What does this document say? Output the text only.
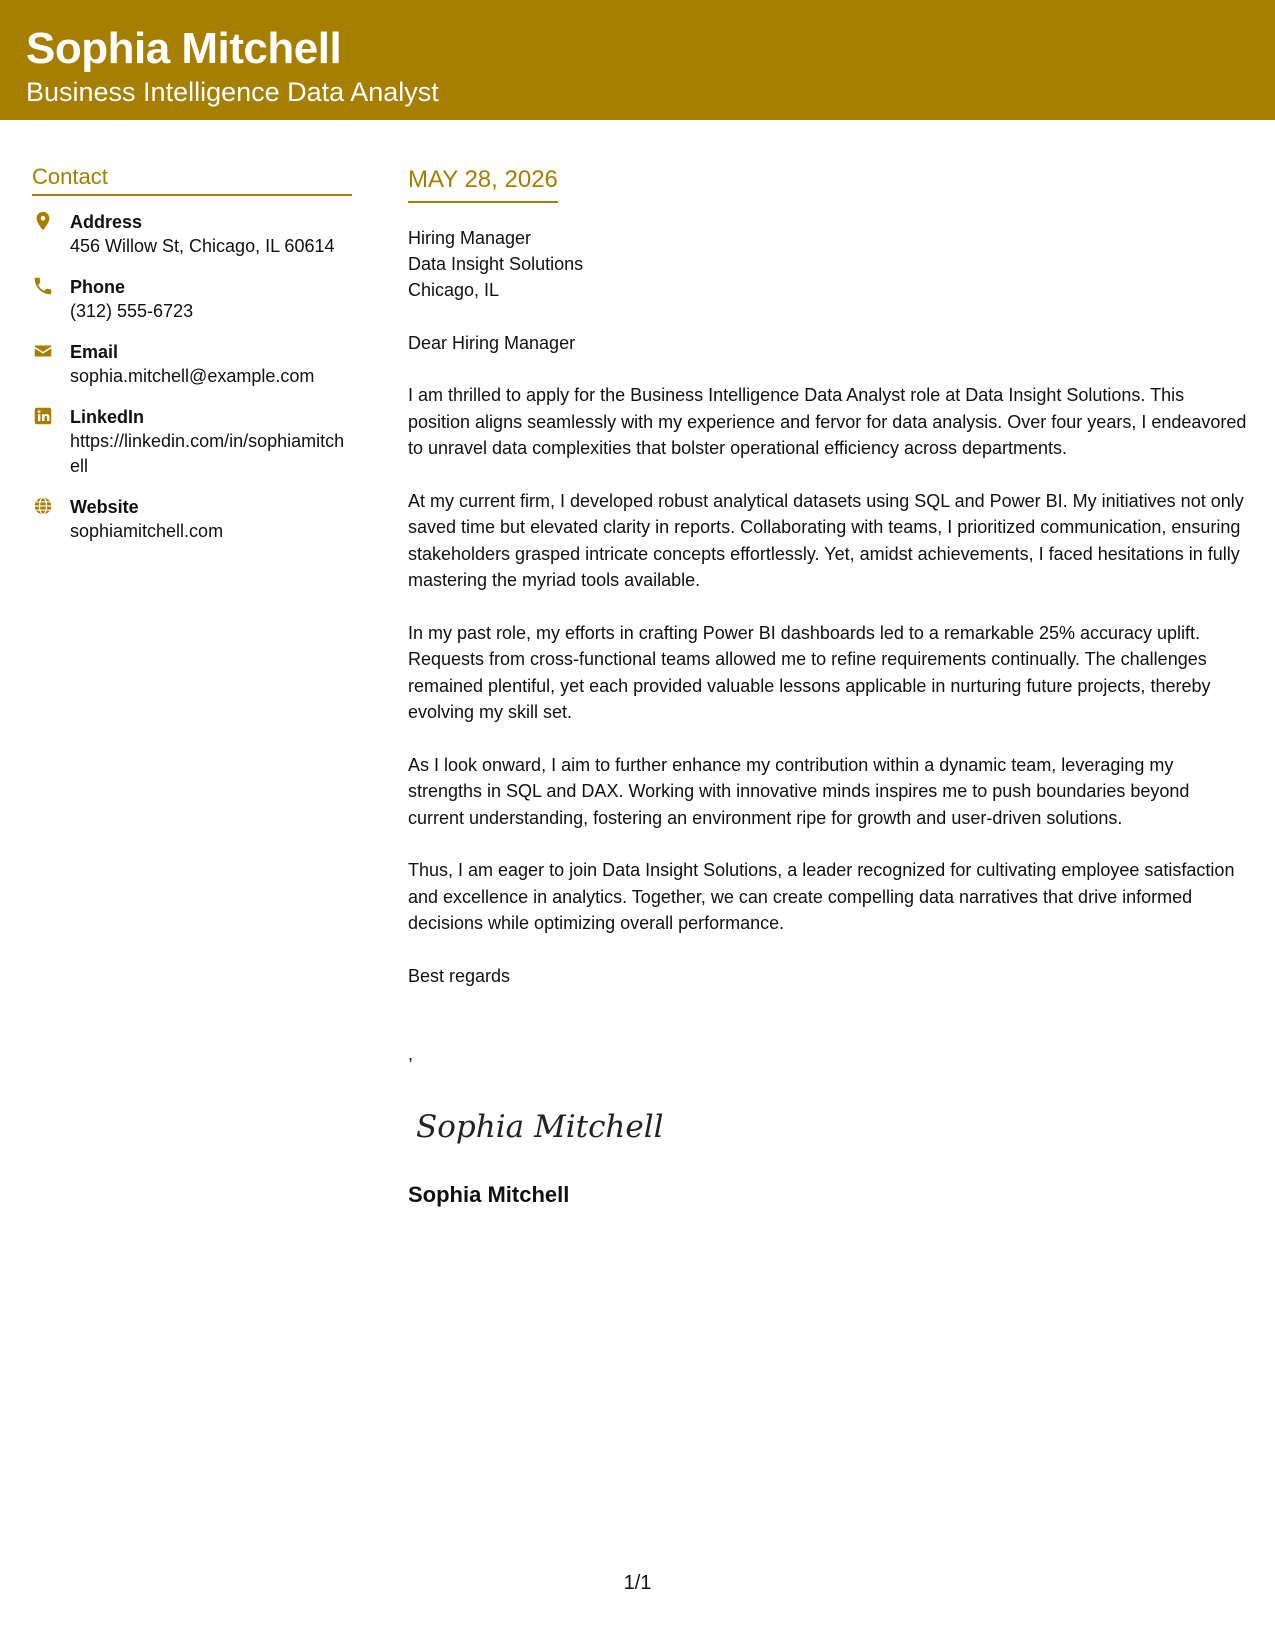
Sophia Mitchell
Business Intelligence Data Analyst
Contact
Address
456 Willow St, Chicago, IL 60614
Phone
(312) 555-6723
Email
sophia.mitchell@example.com
LinkedIn
https://linkedin.com/in/sophiamitchell
Website
sophiamitchell.com
MAY 28, 2026
Hiring Manager
Data Insight Solutions
Chicago, IL
Dear Hiring Manager
I am thrilled to apply for the Business Intelligence Data Analyst role at Data Insight Solutions. This position aligns seamlessly with my experience and fervor for data analysis. Over four years, I endeavored to unravel data complexities that bolster operational efficiency across departments.
At my current firm, I developed robust analytical datasets using SQL and Power BI. My initiatives not only saved time but elevated clarity in reports. Collaborating with teams, I prioritized communication, ensuring stakeholders grasped intricate concepts effortlessly. Yet, amidst achievements, I faced hesitations in fully mastering the myriad tools available.
In my past role, my efforts in crafting Power BI dashboards led to a remarkable 25% accuracy uplift. Requests from cross-functional teams allowed me to refine requirements continually. The challenges remained plentiful, yet each provided valuable lessons applicable in nurturing future projects, thereby evolving my skill set.
As I look onward, I aim to further enhance my contribution within a dynamic team, leveraging my strengths in SQL and DAX. Working with innovative minds inspires me to push boundaries beyond current understanding, fostering an environment ripe for growth and user-driven solutions.
Thus, I am eager to join Data Insight Solutions, a leader recognized for cultivating employee satisfaction and excellence in analytics. Together, we can create compelling data narratives that drive informed decisions while optimizing overall performance.
Best regards
,
Sophia Mitchell
Sophia Mitchell
1/1
